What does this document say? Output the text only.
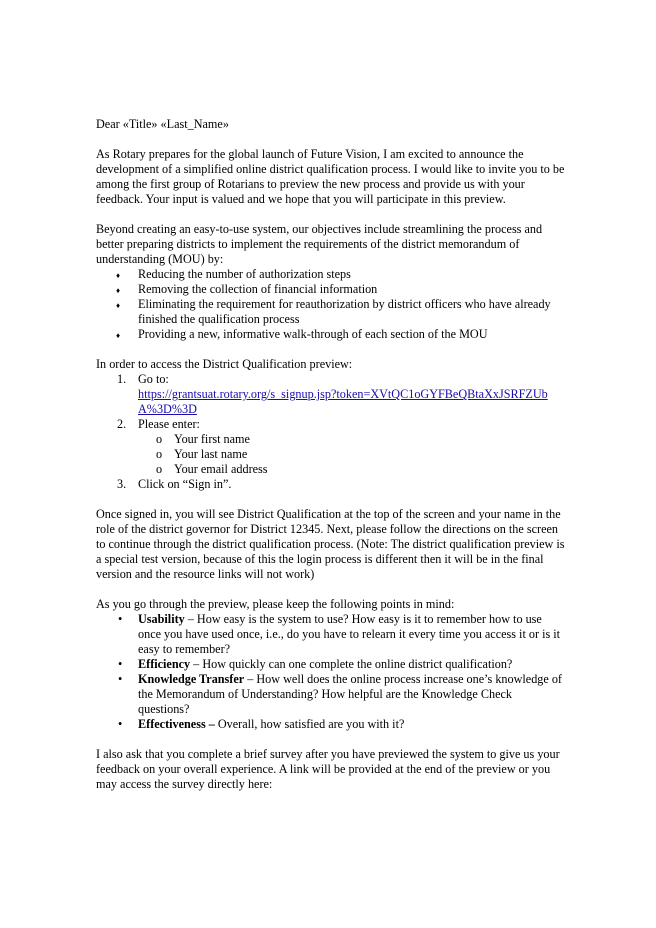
Dear «Title» «Last_Name»

As Rotary prepares for the global launch of Future Vision, I am excited to announce the development of a simplified online district qualification process. I would like to invite you to be among the first group of Rotarians to preview the new process and provide us with your feedback. Your input is valued and we hope that you will participate in this preview.

Beyond creating an easy-to-use system, our objectives include streamlining the process and better preparing districts to implement the requirements of the district memorandum of understanding (MOU) by:

♦ Reducing the number of authorization steps
♦ Removing the collection of financial information
♦ Eliminating the requirement for reauthorization by district officers who have already finished the qualification process
♦ Providing a new, informative walk-through of each section of the MOU

In order to access the District Qualification preview:

1. Go to:
https://grantsuat.rotary.org/s_signup.jsp?token=XVtQC1oGYFBeQBtaXxJSRFZUbA%3D%3D
2. Please enter:
o Your first name
o Your last name
o Your email address
3. Click on “Sign in”.

Once signed in, you will see District Qualification at the top of the screen and your name in the role of the district governor for District 12345. Next, please follow the directions on the screen to continue through the district qualification process. (Note: The district qualification preview is a special test version, because of this the login process is different then it will be in the final version and the resource links will not work)

As you go through the preview, please keep the following points in mind:

• Usability – How easy is the system to use? How easy is it to remember how to use once you have used once, i.e., do you have to relearn it every time you access it or is it easy to remember?
• Efficiency – How quickly can one complete the online district qualification?
• Knowledge Transfer – How well does the online process increase one’s knowledge of the Memorandum of Understanding? How helpful are the Knowledge Check questions?
• Effectiveness – Overall, how satisfied are you with it?

I also ask that you complete a brief survey after you have previewed the system to give us your feedback on your overall experience. A link will be provided at the end of the preview or you may access the survey directly here:
